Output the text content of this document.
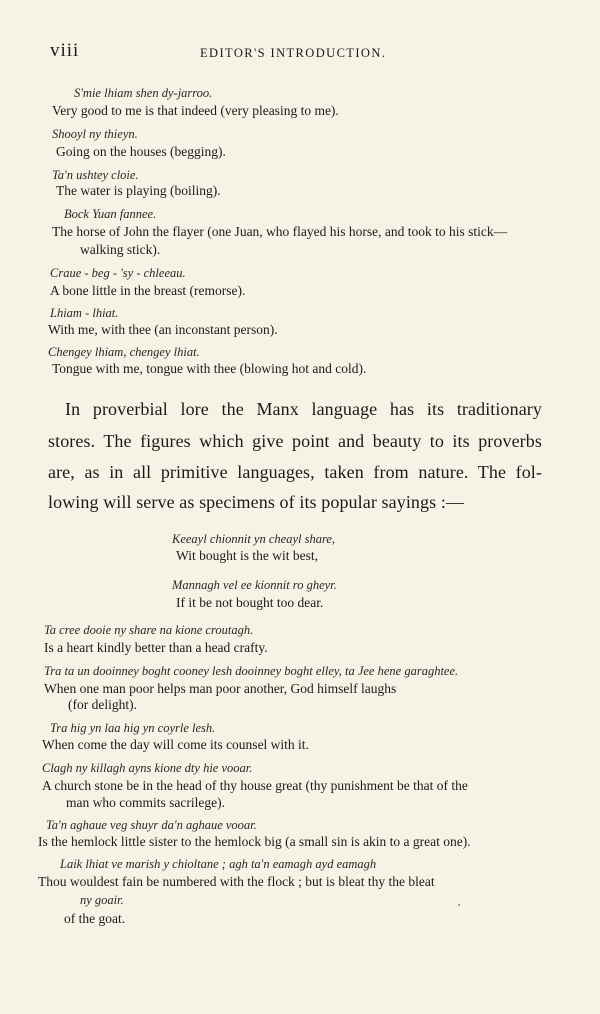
viii	EDITOR'S INTRODUCTION.
S'mie lhiam shen dy-jarroo.
Very good to me is that indeed (very pleasing to me).
Shooyl ny thieyn.
Going on the houses (begging).
Ta'n ushtey cloie.
The water is playing (boiling).
Bock Yuan fannee.
The horse of John the flayer (one Juan, who flayed his horse, and took to his stick—
walking stick).
Craue - beg - 'sy - chleeau.
A bone little in the breast (remorse).
Lhiam - lhiat.
With me, with thee (an inconstant person).
Chengey lhiam, chengey lhiat.
Tongue with me, tongue with thee (blowing hot and cold).
In proverbial lore the Manx language has its traditionary
stores. The figures which give point and beauty to its proverbs
are, as in all primitive languages, taken from nature. The fol-
lowing will serve as specimens of its popular sayings :—
Keeayl chionnit yn cheayl share,
Wit bought is the wit best,
Mannagh vel ee kionnit ro gheyr.
If it be not bought too dear.
Ta cree dooie ny share na kione croutagh.
Is a heart kindly better than a head crafty.
Tra ta un dooinney boght cooney lesh dooinney boght elley, ta Jee hene garaghtee.
When one man poor helps man poor another, God himself laughs
(for delight).
Tra hig yn laa hig yn coyrle lesh.
When come the day will come its counsel with it.
Clagh ny killagh ayns kione dty hie vooar.
A church stone be in the head of thy house great (thy punishment be that of the
man who commits sacrilege).
Ta'n aghaue veg shuyr da'n aghaue vooar.
Is the hemlock little sister to the hemlock big (a small sin is akin to a great one).
Laik lhiat ve marish y chioltane ; agh ta'n eamagh ayd eamagh
Thou wouldest fain be numbered with the flock ; but is bleat thy the bleat
ny goair.
of the goat.
